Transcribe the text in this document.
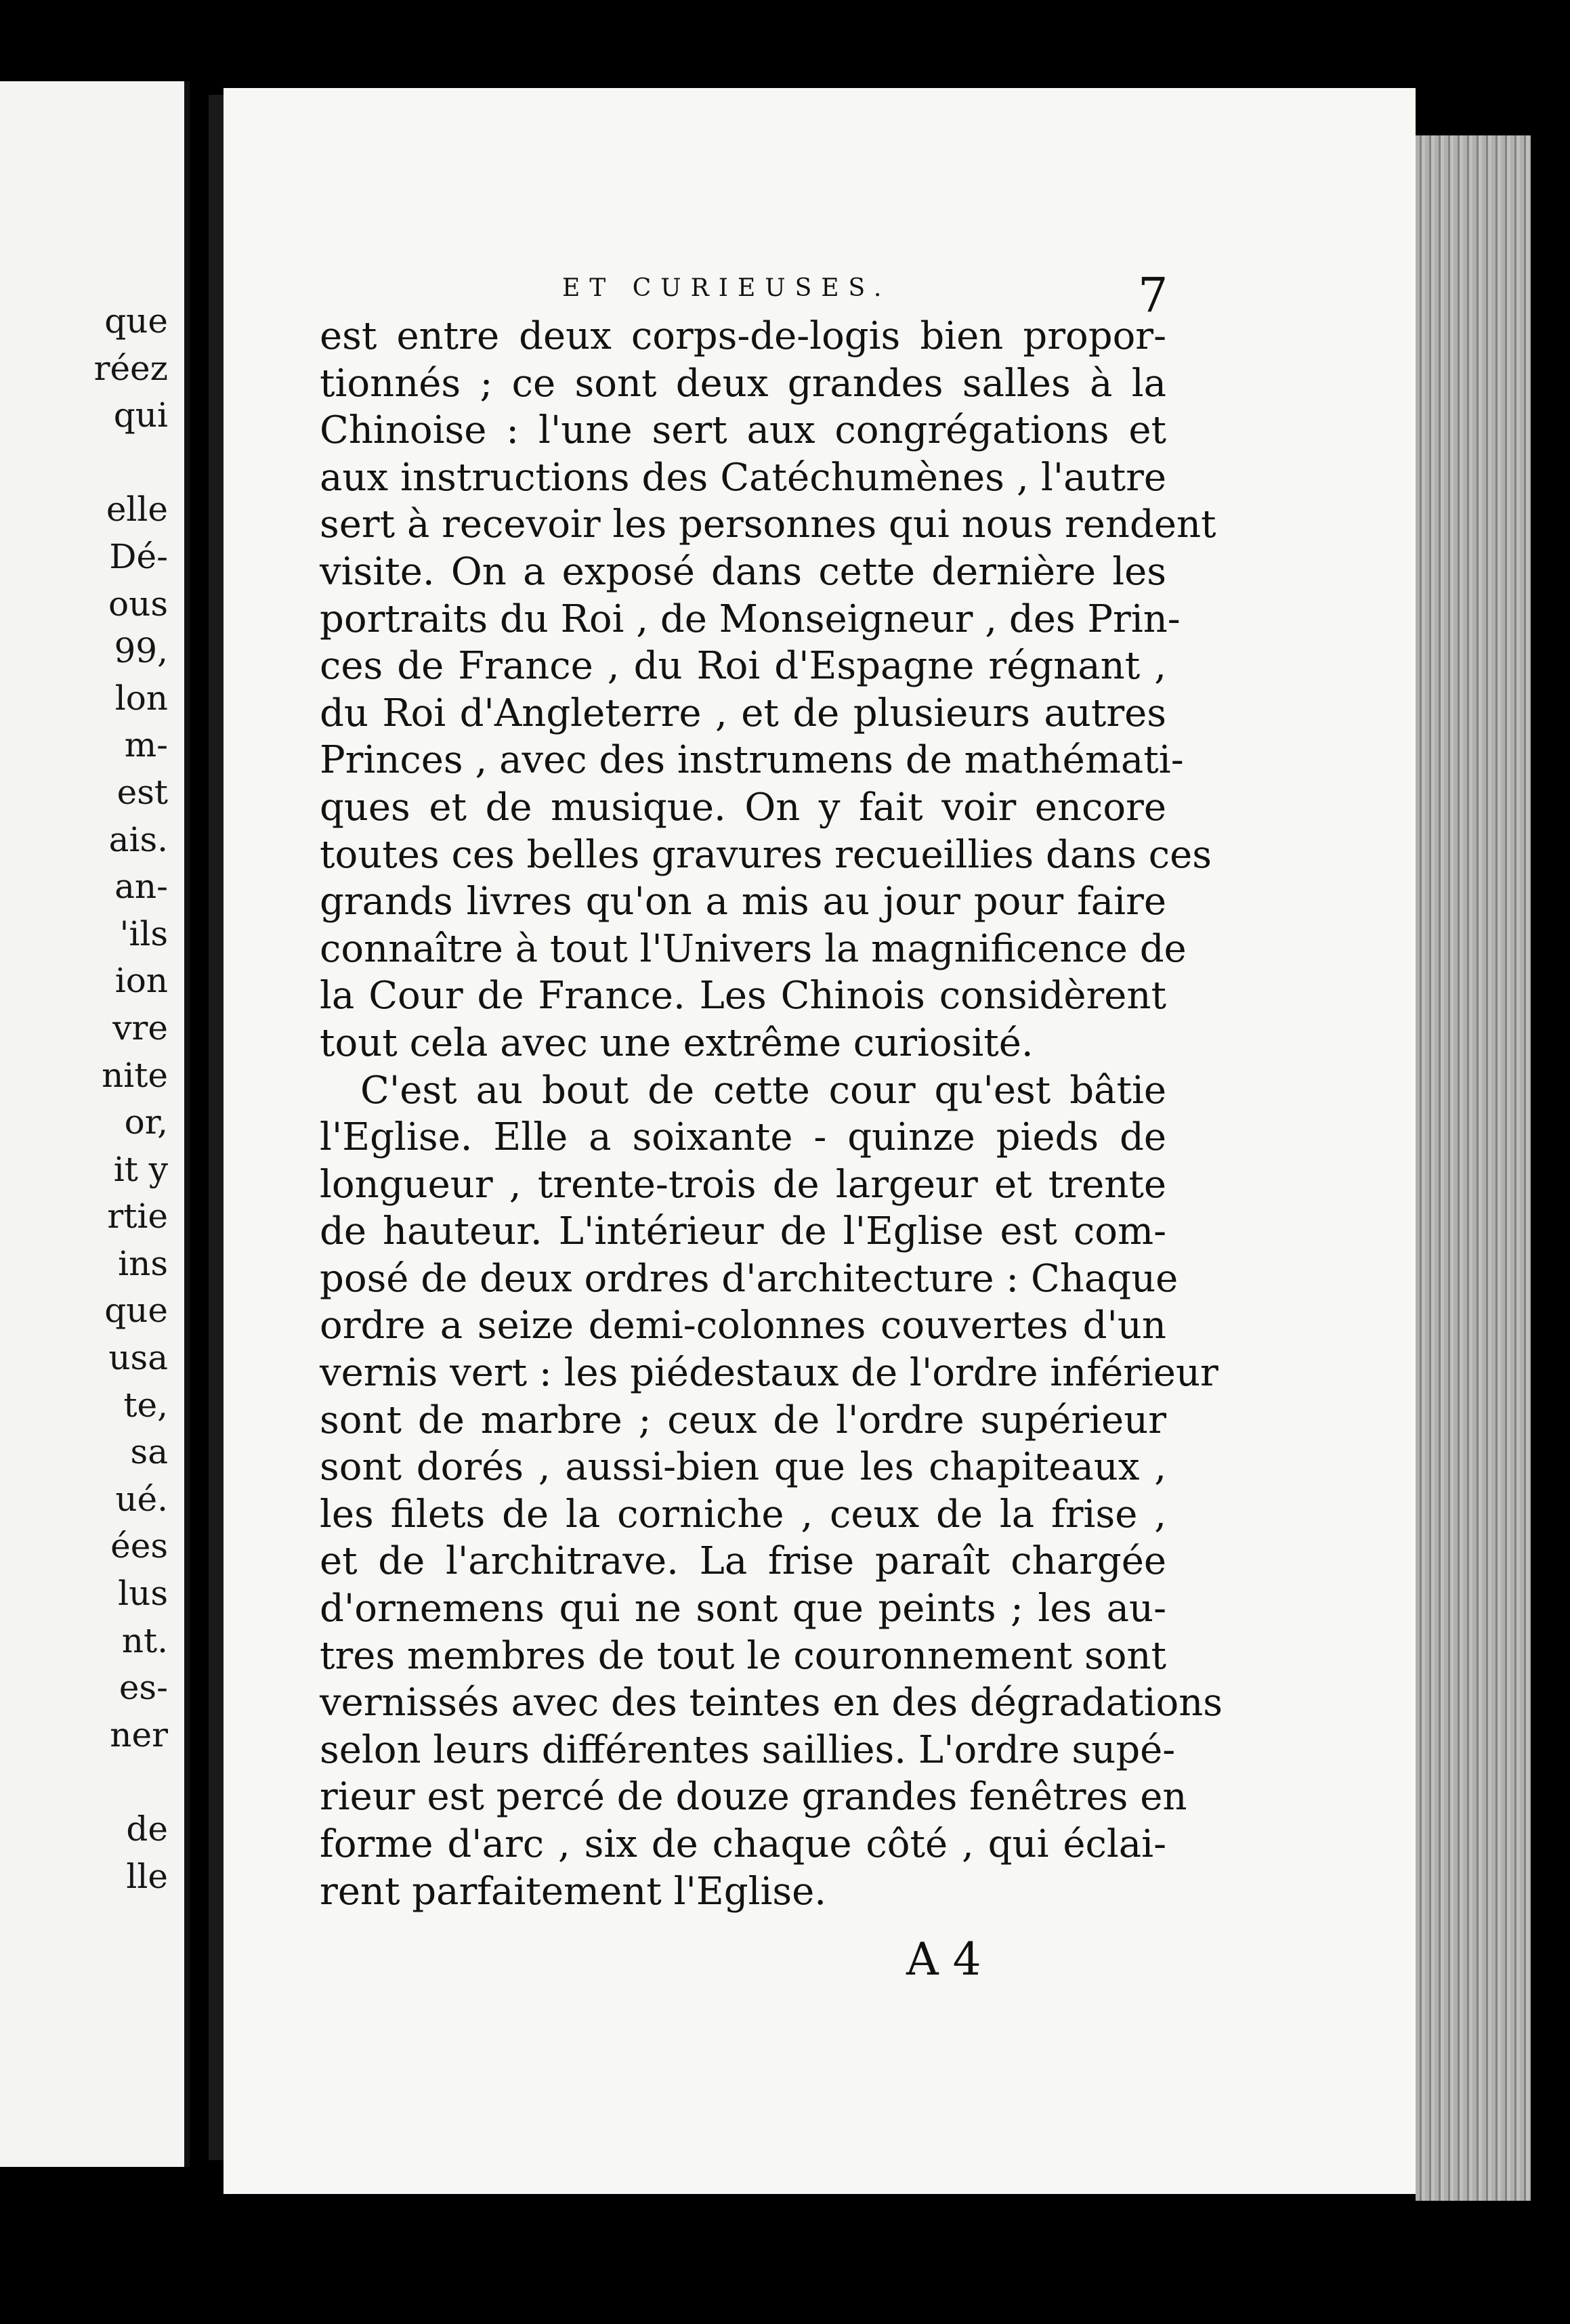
que
réez
qui
elle
Dé-
ous
99,
lon
m-
est
ais.
an-
'ils
ion
vre
nite
or,
it y
rtie
ins
que
usa
te,
sa
ué.
ées
lus
nt.
es-
ner
de
lle
ET CURIEUSES.	7
est entre deux corps-de-logis bien propor-
tionnés ; ce sont deux grandes salles à la
Chinoise : l'une sert aux congrégations et
aux instructions des Catéchumènes , l'autre
sert à recevoir les personnes qui nous rendent
visite. On a exposé dans cette dernière les
portraits du Roi , de Monseigneur , des Prin-
ces de France , du Roi d'Espagne régnant ,
du Roi d'Angleterre , et de plusieurs autres
Princes , avec des instrumens de mathémati-
ques et de musique. On y fait voir encore
toutes ces belles gravures recueillies dans ces
grands livres qu'on a mis au jour pour faire
connaître à tout l'Univers la magnificence de
la Cour de France. Les Chinois considèrent
tout cela avec une extrême curiosité.
C'est au bout de cette cour qu'est bâtie
l'Eglise. Elle a soixante - quinze pieds de
longueur , trente-trois de largeur et trente
de hauteur. L'intérieur de l'Eglise est com-
posé de deux ordres d'architecture : Chaque
ordre a seize demi-colonnes couvertes d'un
vernis vert : les piédestaux de l'ordre inférieur
sont de marbre ; ceux de l'ordre supérieur
sont dorés , aussi-bien que les chapiteaux ,
les filets de la corniche , ceux de la frise ,
et de l'architrave. La frise paraît chargée
d'ornemens qui ne sont que peints ; les au-
tres membres de tout le couronnement sont
vernissés avec des teintes en des dégradations
selon leurs différentes saillies. L'ordre supé-
rieur est percé de douze grandes fenêtres en
forme d'arc , six de chaque côté , qui éclai-
rent parfaitement l'Eglise.
A 4
